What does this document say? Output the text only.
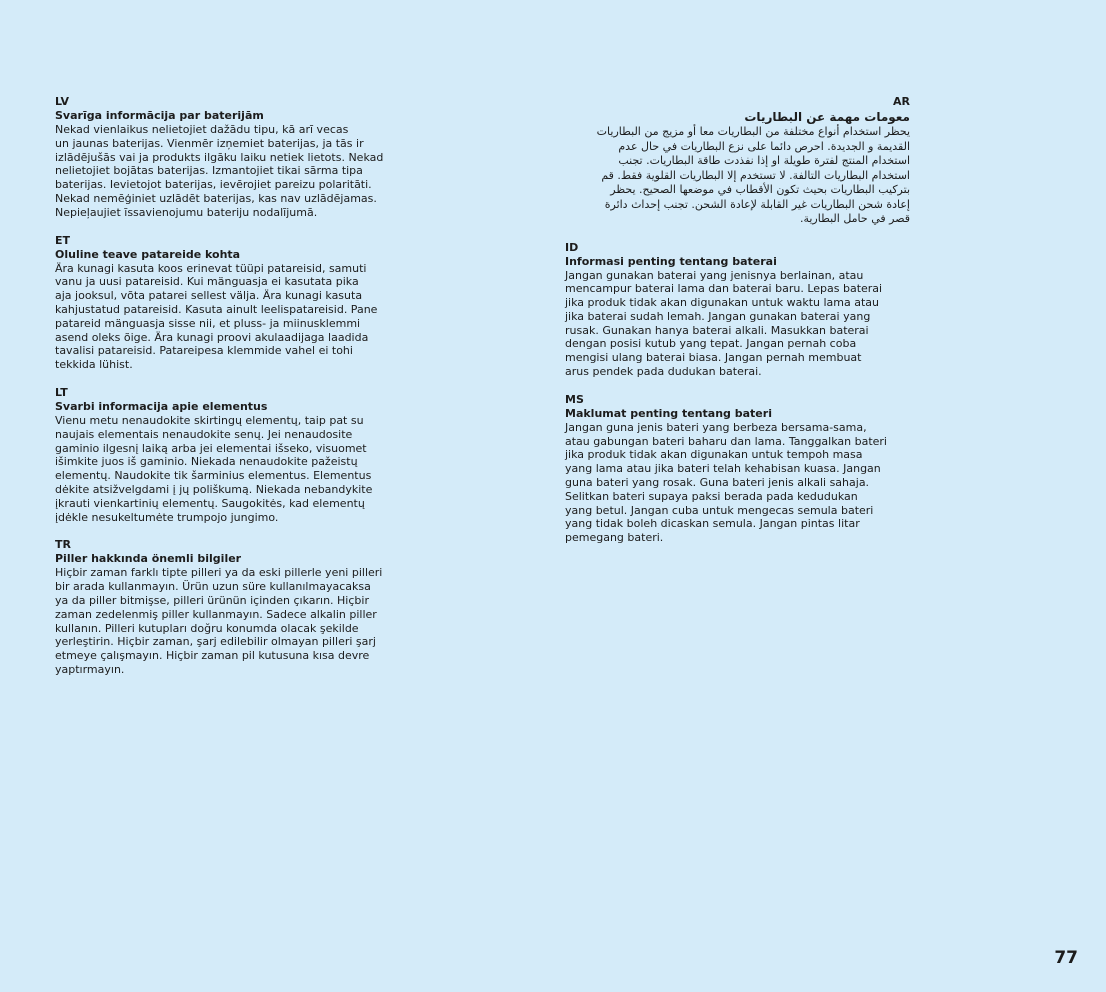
LV
Svarīga informācija par baterijām
Nekad vienlaikus nelietojiet dažādu tipu, kā arī vecas
un jaunas baterijas. Vienmēr izņemiet baterijas, ja tās ir
izlādējušās vai ja produkts ilgāku laiku netiek lietots. Nekad
nelietojiet bojātas baterijas. Izmantojiet tikai sārma tipa
baterijas. Ievietojot baterijas, ievērojiet pareizu polaritāti.
Nekad nemēģiniet uzlādēt baterijas, kas nav uzlādējamas.
Nepieļaujiet īssavienojumu bateriju nodalījumā.
ET
Oluline teave patareide kohta
Ära kunagi kasuta koos erinevat tüüpi patareisid, samuti
vanu ja uusi patareisid. Kui mänguasja ei kasutata pika
aja jooksul, võta patarei sellest välja. Ära kunagi kasuta
kahjustatud patareisid. Kasuta ainult leelispatareisid. Pane
patareid mänguasja sisse nii, et pluss- ja miinusklemmi
asend oleks õige. Ära kunagi proovi akulaadijaga laadida
tavalisi patareisid. Patareipesa klemmide vahel ei tohi
tekkida lühist.
LT
Svarbi informacija apie elementus
Vienu metu nenaudokite skirtingų elementų, taip pat su
naujais elementais nenaudokite senų. Jei nenaudosite
gaminio ilgesnį laiką arba jei elementai išseko, visuomet
išimkite juos iš gaminio. Niekada nenaudokite pažeistų
elementų. Naudokite tik šarminius elementus. Elementus
dėkite atsižvelgdami į jų poliškumą. Niekada nebandykite
įkrauti vienkartinių elementų. Saugokitės, kad elementų
įdėkle nesukeltumėte trumpojo jungimo.
TR
Piller hakkında önemli bilgiler
Hiçbir zaman farklı tipte pilleri ya da eski pillerle yeni pilleri
bir arada kullanmayın. Ürün uzun süre kullanılmayacaksa
ya da piller bitmişse, pilleri ürünün içinden çıkarın. Hiçbir
zaman zedelenmiş piller kullanmayın. Sadece alkalin piller
kullanın. Pilleri kutupları doğru konumda olacak şekilde
yerleştirin. Hiçbir zaman, şarj edilebilir olmayan pilleri şarj
etmeye çalışmayın. Hiçbir zaman pil kutusuna kısa devre
yaptırmayın.
AR
معومات مهمة عن البطاريات
يحظر استخدام أنواع مختلفة من البطاريات معا أو مزيج من البطاريات
القديمة و الجديدة. احرص دائما على نزع البطاريات في حال عدم
استخدام المنتج لفترة طويلة او إذا نفذدت طاقة البطاريات. تجنب
استخدام البطاريات التالفة. لا تستخدم إلا البطاريات القلوية فقط. قم
بتركيب البطاريات بحيث تكون الأقطاب في موضعها الصحيح. يحظر
إعادة شحن البطاريات غير القابلة لإعادة الشحن. تجنب إحداث دائرة
قصر في حامل البطارية.
ID
Informasi penting tentang baterai
Jangan gunakan baterai yang jenisnya berlainan, atau
mencampur baterai lama dan baterai baru. Lepas baterai
jika produk tidak akan digunakan untuk waktu lama atau
jika baterai sudah lemah. Jangan gunakan baterai yang
rusak. Gunakan hanya baterai alkali. Masukkan baterai
dengan posisi kutub yang tepat. Jangan pernah coba
mengisi ulang baterai biasa. Jangan pernah membuat
arus pendek pada dudukan baterai.
MS
Maklumat penting tentang bateri
Jangan guna jenis bateri yang berbeza bersama-sama,
atau gabungan bateri baharu dan lama. Tanggalkan bateri
jika produk tidak akan digunakan untuk tempoh masa
yang lama atau jika bateri telah kehabisan kuasa. Jangan
guna bateri yang rosak. Guna bateri jenis alkali sahaja.
Selitkan bateri supaya paksi berada pada kedudukan
yang betul. Jangan cuba untuk mengecas semula bateri
yang tidak boleh dicaskan semula. Jangan pintas litar
pemegang bateri.
77
